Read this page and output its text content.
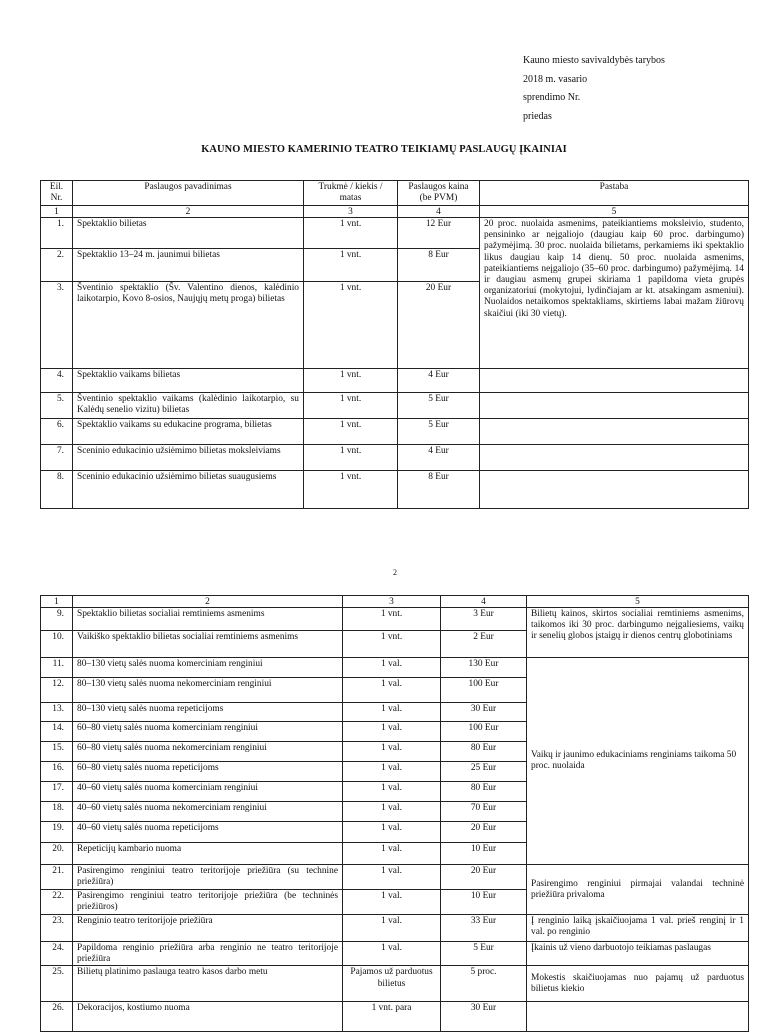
Kauno miesto savivaldybės tarybos
2018 m. vasario
sprendimo Nr.
priedas
KAUNO MIESTO KAMERINIO TEATRO TEIKIAMŲ PASLAUGŲ ĮKAINIAI
Eil. Nr.	Paslaugos pavadinimas	Trukmė / kiekis / matas	Paslaugos kaina (be PVM)	Pastaba
1	2	3	4	5
1.	Spektaklio bilietas	1 vnt.	12 Eur	20 proc. nuolaida asmenims, pateikiantiems moksleivio, studento, pensininko ar neįgaliojo (daugiau kaip 60 proc. darbingumo) pažymėjimą. 30 proc. nuolaida bilietams, perkamiems iki spektaklio likus daugiau kaip 14 dienų. 50 proc. nuolaida asmenims, pateikiantiems neįgaliojo (35–60 proc. darbingumo) pažymėjimą. 14 ir daugiau asmenų grupei skiriama 1 papildoma vieta grupės organizatoriui (mokytojui, lydinčiajam ar kt. atsakingam asmeniui). Nuolaidos netaikomos spektakliams, skirtiems labai mažam žiūrovų skaičiui (iki 30 vietų).
2.	Spektaklio 13–24 m. jaunimui bilietas	1 vnt.	8 Eur	
3.	Šventinio spektaklio (Šv. Valentino dienos, kalėdinio laikotarpio, Kovo 8-osios, Naujųjų metų proga) bilietas	1 vnt.	20 Eur	
4.	Spektaklio vaikams bilietas	1 vnt.	4 Eur	
5.	Šventinio spektaklio vaikams (kalėdinio laikotarpio, su Kalėdų senelio vizitu) bilietas	1 vnt.	5 Eur	
6.	Spektaklio vaikams su edukacine programa, bilietas	1 vnt.	5 Eur	
7.	Sceninio edukacinio užsiėmimo bilietas moksleiviams	1 vnt.	4 Eur	
8.	Sceninio edukacinio užsiėmimo bilietas suaugusiems	1 vnt.	8 Eur	
2
1	2	3	4	5
9.	Spektaklio bilietas socialiai remtiniems asmenims	1 vnt.	3 Eur	Bilietų kainos, skirtos socialiai remtiniems asmenims, taikomos iki 30 proc. darbingumo neįgaliesiems, vaikų ir senelių globos įstaigų ir dienos centrų globotiniams
10.	Vaikiško spektaklio bilietas socialiai remtiniems asmenims	1 vnt.	2 Eur	
11.	80–130 vietų salės nuoma komerciniam renginiui	1 val.	130 Eur	Vaikų ir jaunimo edukaciniams renginiams taikoma 50 proc. nuolaida
12.	80–130 vietų salės nuoma nekomerciniam renginiui	1 val.	100 Eur	
13.	80–130 vietų salės nuoma repeticijoms	1 val.	30 Eur	
14.	60–80 vietų salės nuoma komerciniam renginiui	1 val.	100 Eur	
15.	60–80 vietų salės nuoma nekomerciniam renginiui	1 val.	80 Eur	
16.	60–80 vietų salės nuoma repeticijoms	1 val.	25 Eur	
17.	40–60 vietų salės nuoma komerciniam renginiui	1 val.	80 Eur	
18.	40–60 vietų salės nuoma nekomerciniam renginiui	1 val.	70 Eur	
19.	40–60 vietų salės nuoma repeticijoms	1 val.	20 Eur	
20.	Repeticijų kambario nuoma	1 val.	10 Eur	
21.	Pasirengimo renginiui teatro teritorijoje priežiūra (su technine priežiūra)	1 val.	20 Eur	Pasirengimo renginiui pirmajai valandai techninė priežiūra privaloma
22.	Pasirengimo renginiui teatro teritorijoje priežiūra (be techninės priežiūros)	1 val.	10 Eur	
23.	Renginio teatro teritorijoje priežiūra	1 val.	33 Eur	Į renginio laiką įskaičiuojama 1 val. prieš renginį ir 1 val. po renginio
24.	Papildoma renginio priežiūra arba renginio ne teatro teritorijoje priežiūra	1 val.	5 Eur	Įkainis už vieno darbuotojo teikiamas paslaugas
25.	Bilietų platinimo paslauga teatro kasos darbo metu	Pajamos už parduotus bilietus	5 proc.	Mokestis skaičiuojamas nuo pajamų už parduotus bilietus kiekio
26.	Dekoracijos, kostiumo nuoma	1 vnt. para	30 Eur	
